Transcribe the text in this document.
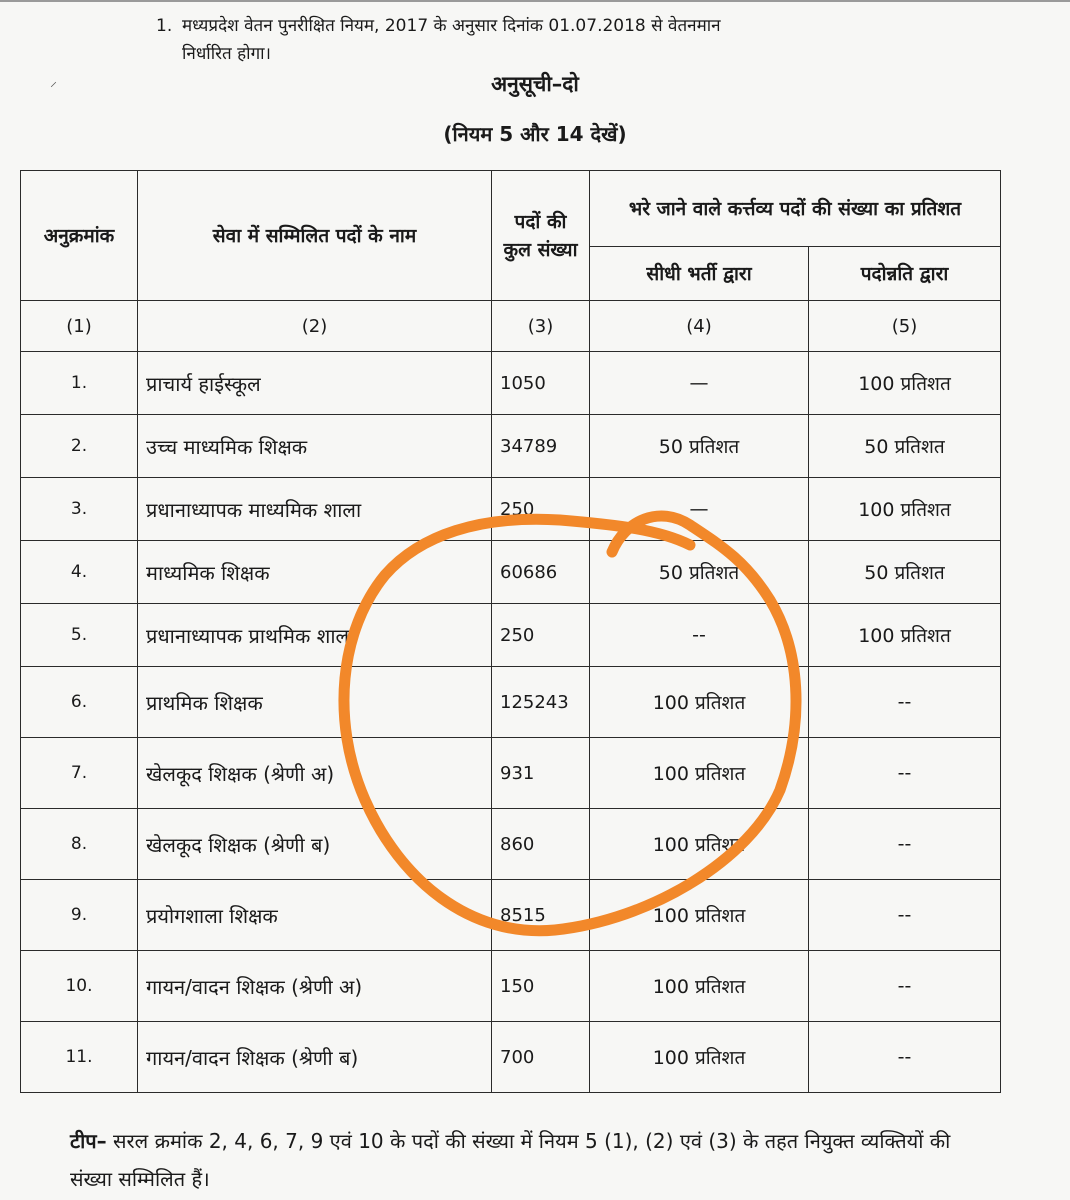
1. मध्यप्रदेश वेतन पुनरीक्षित नियम, 2017 के अनुसार दिनांक 01.07.2018 से वेतनमान
निर्धारित होगा।
⸝	अनुसूची–दो
(नियम 5 और 14 देखें)
अनुक्रमांक	सेवा में सम्मिलित पदों के नाम	पदों की कुल संख्या	भरे जाने वाले कर्त्तव्य पदों की संख्या का प्रतिशत	
			सीधी भर्ती द्वारा	पदोन्नति द्वारा
(1)	(2)	(3)	(4)	(5)
1.	प्राचार्य हाईस्कूल	1050	—	100 प्रतिशत
2.	उच्च माध्यमिक शिक्षक	34789	50 प्रतिशत	50 प्रतिशत
3.	प्रधानाध्यापक माध्यमिक शाला	250	—	100 प्रतिशत
4.	माध्यमिक शिक्षक	60686	50 प्रतिशत	50 प्रतिशत
5.	प्रधानाध्यापक प्राथमिक शाला	250	--	100 प्रतिशत
6.	प्राथमिक शिक्षक	125243	100 प्रतिशत	--
7.	खेलकूद शिक्षक (श्रेणी अ)	931	100 प्रतिशत	--
8.	खेलकूद शिक्षक (श्रेणी ब)	860	100 प्रतिशत	--
9.	प्रयोगशाला शिक्षक	8515	100 प्रतिशत	--
10.	गायन/वादन शिक्षक (श्रेणी अ)	150	100 प्रतिशत	--
11.	गायन/वादन शिक्षक (श्रेणी ब)	700	100 प्रतिशत	--
टीप– सरल क्रमांक 2, 4, 6, 7, 9 एवं 10 के पदों की संख्या में नियम 5 (1), (2) एवं (3) के तहत नियुक्त व्यक्तियों की संख्या सम्मिलित हैं।
